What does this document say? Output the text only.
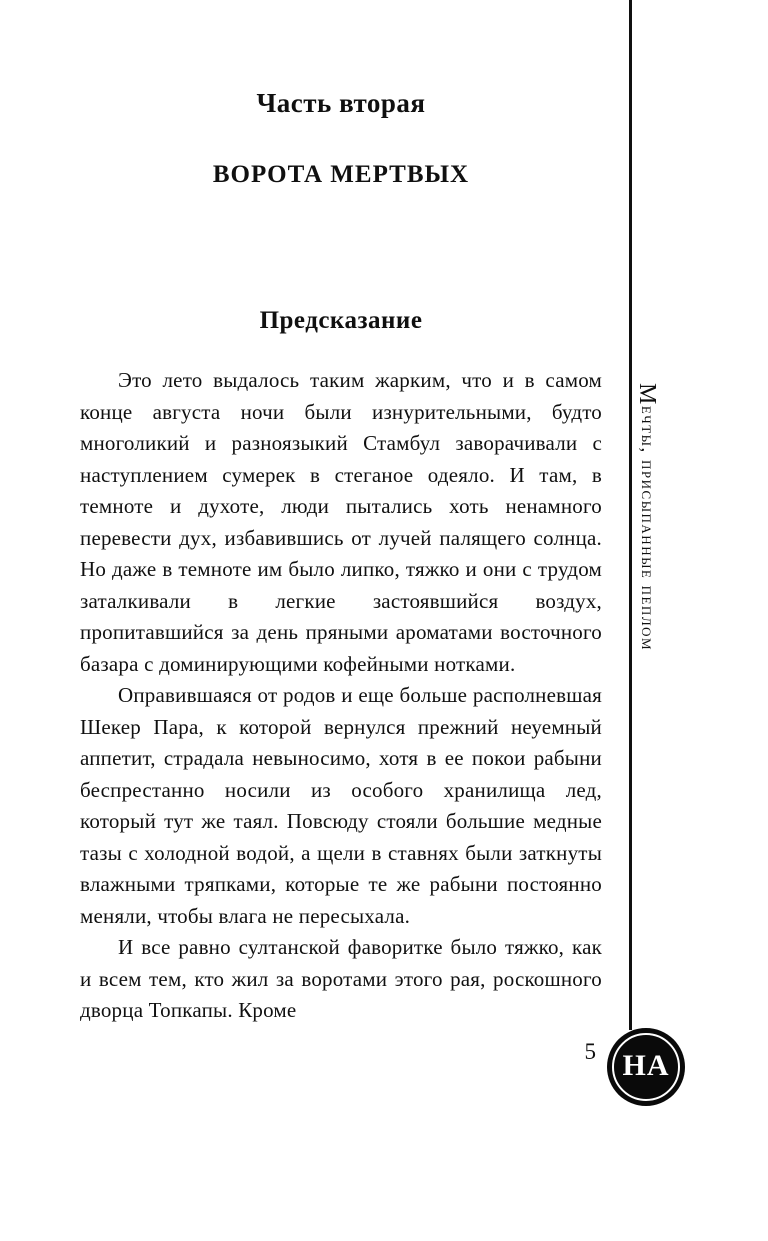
Часть вторая
ВОРОТА МЕРТВЫХ
Предсказание

Это лето выдалось таким жарким, что и в самом конце августа ночи были изнурительными, будто многоликий и разноязыкий Стамбул заворачивали с наступлением сумерек в стеганое одеяло. И там, в темноте и духоте, люди пытались хоть ненамного перевести дух, избавившись от лучей палящего солнца. Но даже в темноте им было липко, тяжко и они с трудом заталкивали в легкие застоявшийся воздух, пропитавшийся за день пряными ароматами восточного базара с доминирующими кофейными нотками.

Оправившаяся от родов и еще больше располневшая Шекер Пара, к которой вернулся прежний неуемный аппетит, страдала невыносимо, хотя в ее покои рабыни беспрестанно носили из особого хранилища лед, который тут же таял. Повсюду стояли большие медные тазы с холодной водой, а щели в ставнях были заткнуты влажными тряпками, которые те же рабыни постоянно меняли, чтобы влага не пересыхала.

И все равно султанской фаворитке было тяжко, как и всем тем, кто жил за воротами этого рая, роскошного дворца Топкапы. Кроме

5
Мечты, присыпанные пеплом
НА
